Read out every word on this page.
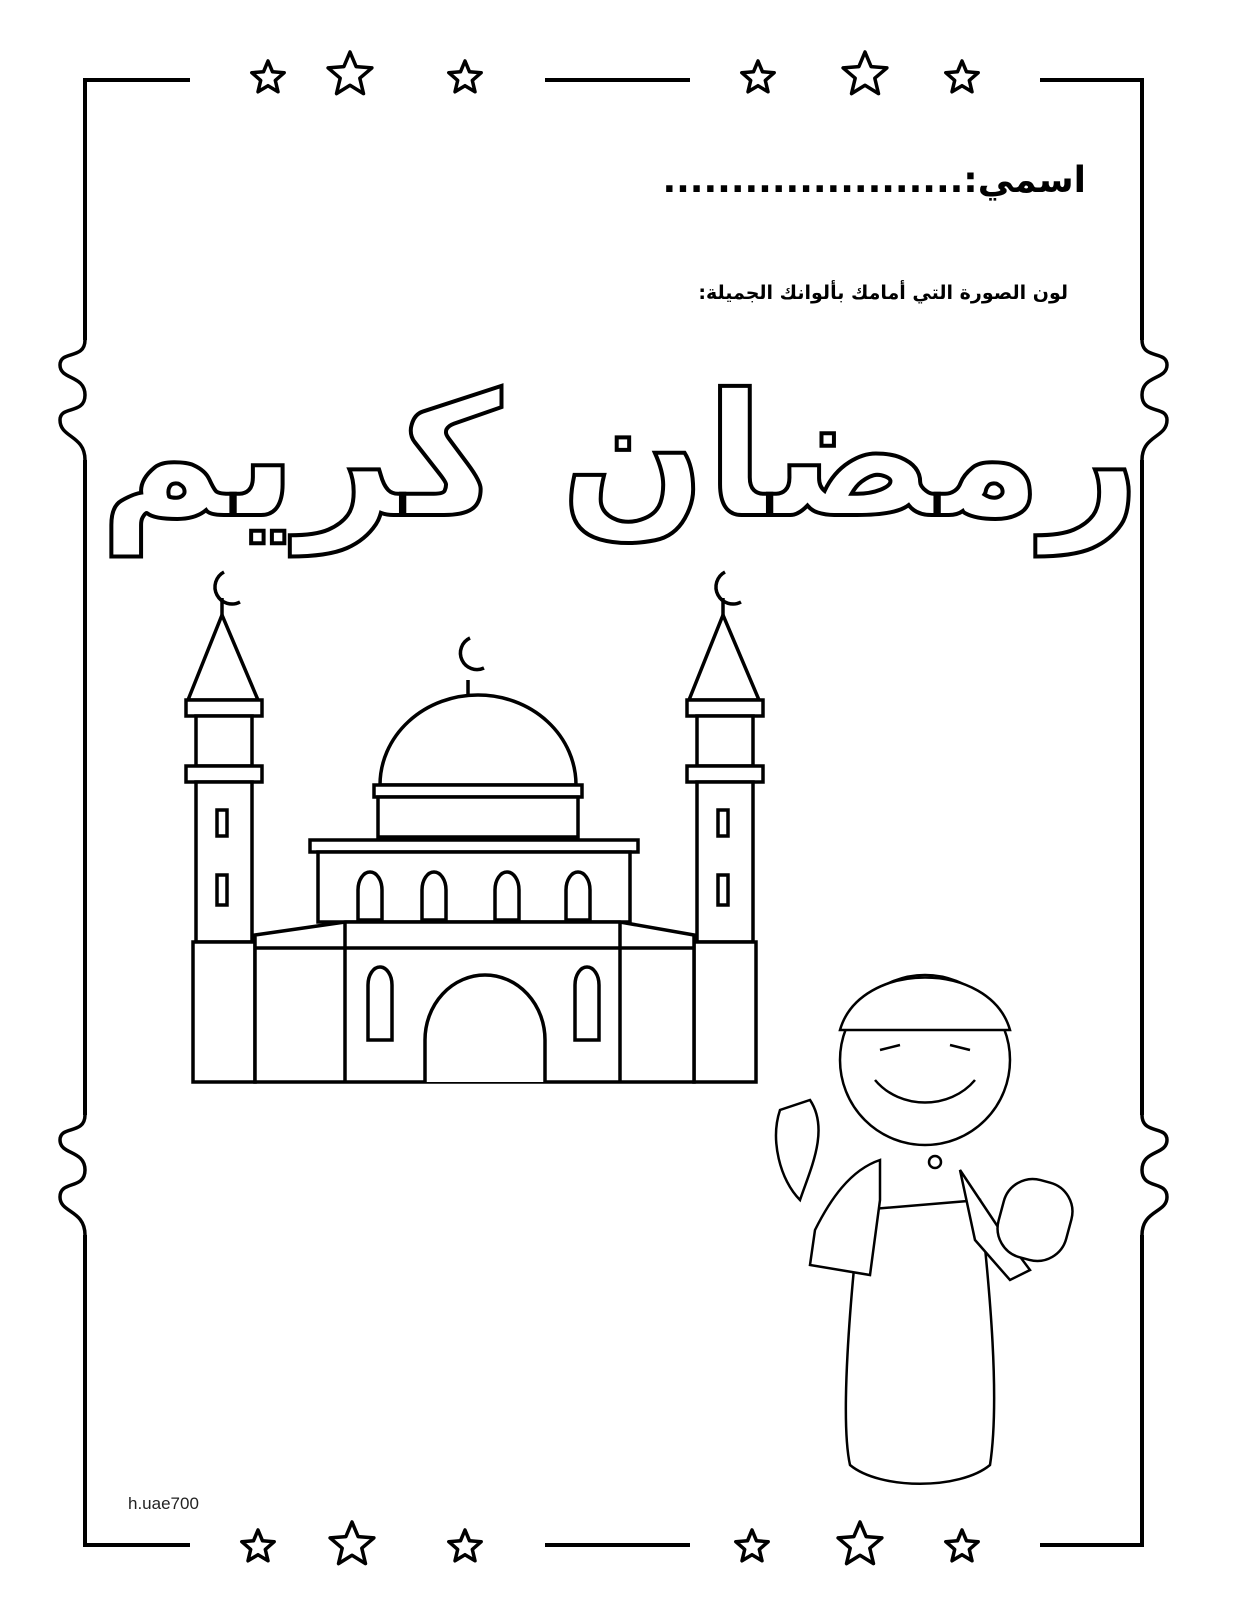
رمضان كريم
اسمي:......................
لون الصورة التي أمامك بألوانك الجميلة:
h.uae700
